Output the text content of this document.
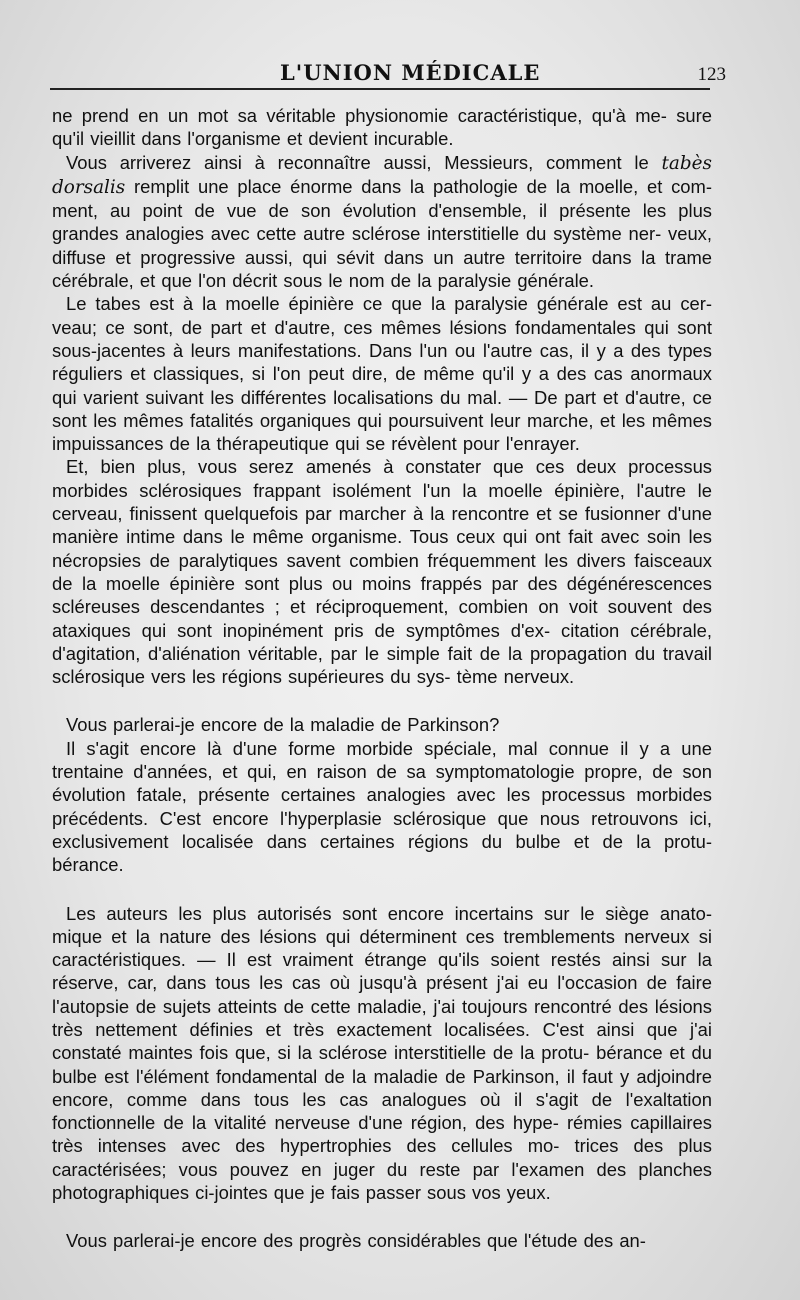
L'UNION MÉDICALE	123

ne prend en un mot sa véritable physionomie caractéristique, qu'à me- sure qu'il vieillit dans l'organisme et devient incurable.

Vous arriverez ainsi à reconnaître aussi, Messieurs, comment le tabès dorsalis remplit une place énorme dans la pathologie de la moelle, et com- ment, au point de vue de son évolution d'ensemble, il présente les plus grandes analogies avec cette autre sclérose interstitielle du système ner- veux, diffuse et progressive aussi, qui sévit dans un autre territoire dans la trame cérébrale, et que l'on décrit sous le nom de la paralysie générale.

Le tabes est à la moelle épinière ce que la paralysie générale est au cer- veau; ce sont, de part et d'autre, ces mêmes lésions fondamentales qui sont sous-jacentes à leurs manifestations. Dans l'un ou l'autre cas, il y a des types réguliers et classiques, si l'on peut dire, de même qu'il y a des cas anormaux qui varient suivant les différentes localisations du mal. — De part et d'autre, ce sont les mêmes fatalités organiques qui poursuivent leur marche, et les mêmes impuissances de la thérapeutique qui se révèlent pour l'enrayer.

Et, bien plus, vous serez amenés à constater que ces deux processus morbides sclérosiques frappant isolément l'un la moelle épinière, l'autre le cerveau, finissent quelquefois par marcher à la rencontre et se fusionner d'une manière intime dans le même organisme. Tous ceux qui ont fait avec soin les nécropsies de paralytiques savent combien fréquemment les divers faisceaux de la moelle épinière sont plus ou moins frappés par des dégénérescences scléreuses descendantes ; et réciproquement, combien on voit souvent des ataxiques qui sont inopinément pris de symptômes d'ex- citation cérébrale, d'agitation, d'aliénation véritable, par le simple fait de la propagation du travail sclérosique vers les régions supérieures du sys- tème nerveux.

Vous parlerai-je encore de la maladie de Parkinson?

Il s'agit encore là d'une forme morbide spéciale, mal connue il y a une trentaine d'années, et qui, en raison de sa symptomatologie propre, de son évolution fatale, présente certaines analogies avec les processus morbides précédents. C'est encore l'hyperplasie sclérosique que nous retrouvons ici, exclusivement localisée dans certaines régions du bulbe et de la protu- bérance.

Les auteurs les plus autorisés sont encore incertains sur le siège anato- mique et la nature des lésions qui déterminent ces tremblements nerveux si caractéristiques. — Il est vraiment étrange qu'ils soient restés ainsi sur la réserve, car, dans tous les cas où jusqu'à présent j'ai eu l'occasion de faire l'autopsie de sujets atteints de cette maladie, j'ai toujours rencontré des lésions très nettement définies et très exactement localisées. C'est ainsi que j'ai constaté maintes fois que, si la sclérose interstitielle de la protu- bérance et du bulbe est l'élément fondamental de la maladie de Parkinson, il faut y adjoindre encore, comme dans tous les cas analogues où il s'agit de l'exaltation fonctionnelle de la vitalité nerveuse d'une région, des hype- rémies capillaires très intenses avec des hypertrophies des cellules mo- trices des plus caractérisées; vous pouvez en juger du reste par l'examen des planches photographiques ci-jointes que je fais passer sous vos yeux.

Vous parlerai-je encore des progrès considérables que l'étude des an-
